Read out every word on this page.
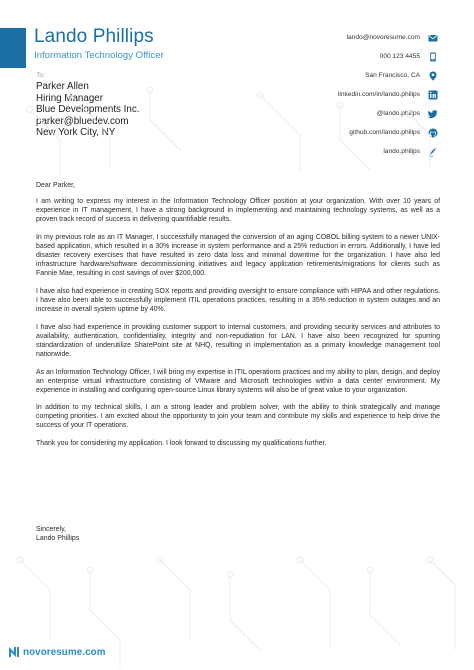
Lando Phillips
Information Technology Officer
lando@novoresume.com
000 123 4455
San Francisco, CA
linkedin.com/in/lando.philips
@lando.philips
github.com/lando.philips
lando.philips
To:
Parker Allen
Hiring Manager
Blue Developments Inc.
parker@bluedev.com
New York City, NY

Dear Parker,

I am writing to express my interest in the Information Technology Officer position at your organization. With over 10 years of experience in IT management, I have a strong background in implementing and maintaining technology systems, as well as a proven track record of success in delivering quantifiable results.

In my previous role as an IT Manager, I successfully managed the conversion of an aging COBOL billing system to a newer UNIX-based application, which resulted in a 30% increase in system performance and a 25% reduction in errors. Additionally, I have led disaster recovery exercises that have resulted in zero data loss and minimal downtime for the organization. I have also led infrastructure hardware/software decommissioning initiatives and legacy application retirements/migrations for clients such as Fannie Mae, resulting in cost savings of over $200,000.

I have also had experience in creating SOX reports and providing oversight to ensure compliance with HIPAA and other regulations. I have also been able to successfully implement ITIL operations practices, resulting in a 35% reduction in system outages and an increase in overall system uptime by 40%.

I have also had experience in providing customer support to internal customers, and providing security services and attributes to availability, authentication, confidentiality, integrity and non-repudiation for LAN. I have also been recognized for spurring standardization of underutilize SharePoint site at NHQ, resulting in implementation as a primary knowledge management tool nationwide.

As an Information Technology Officer, I will bring my expertise in ITIL operations practices and my ability to plan, design, and deploy an enterprise virtual infrastructure consisting of VMware and Microsoft technologies within a data center environment. My experience in installing and configuring open-source Linux library systems will also be of great value to your organization.

In addition to my technical skills, I am a strong leader and problem solver, with the ability to think strategically and manage competing priorities. I am excited about the opportunity to join your team and contribute my skills and experience to help drive the success of your IT operations.

Thank you for considering my application. I look forward to discussing my qualifications further.

Sincerely,
Lando Phillips
novoresume.com
